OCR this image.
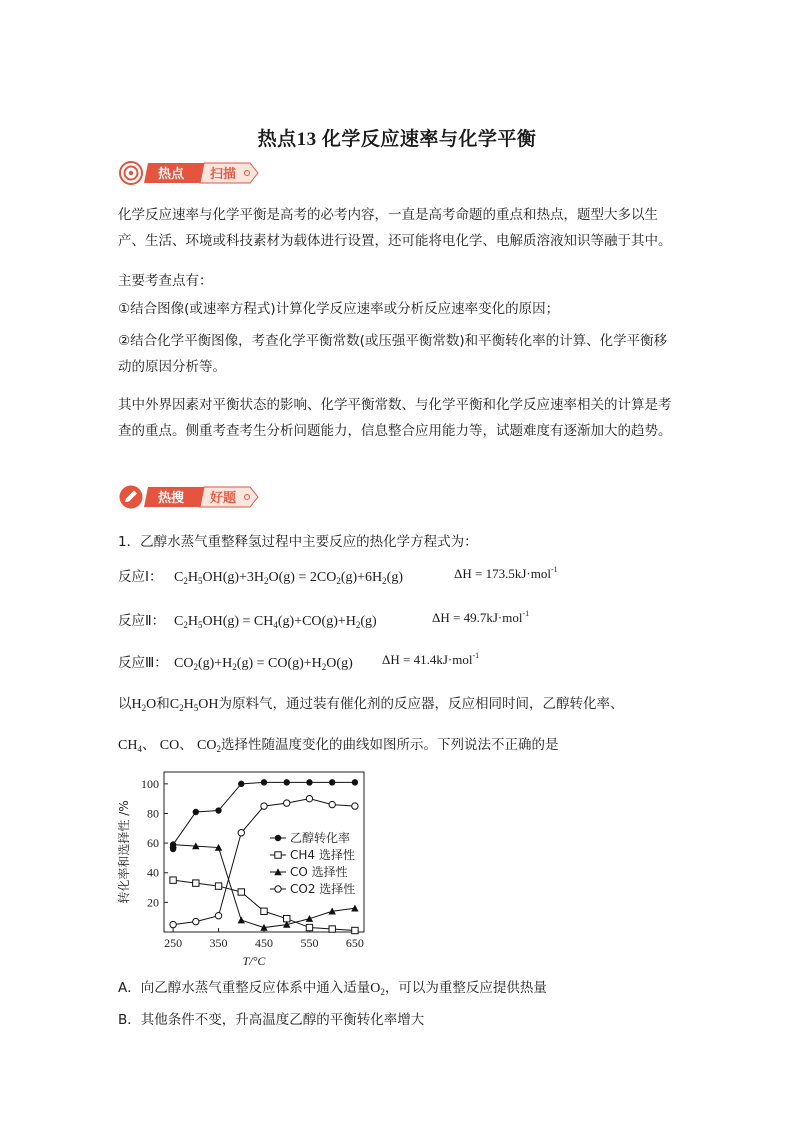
热点13 化学反应速率与化学平衡
热点 扫描
化学反应速率与化学平衡是高考的必考内容，一直是高考命题的重点和热点，题型大多以生产、生活、环境或科技素材为载体进行设置，还可能将电化学、电解质溶液知识等融于其中。
主要考查点有：
①结合图像(或速率方程式)计算化学反应速率或分析反应速率变化的原因；
②结合化学平衡图像，考查化学平衡常数(或压强平衡常数)和平衡转化率的计算、化学平衡移动的原因分析等。
其中外界因素对平衡状态的影响、化学平衡常数、与化学平衡和化学反应速率相关的计算是考查的重点。侧重考查考生分析问题能力，信息整合应用能力等，试题难度有逐渐加大的趋势。
热搜 好题
1．乙醇水蒸气重整释氢过程中主要反应的热化学方程式为：
反应Ⅰ： $C_2H_5OH(g)+3H_2O(g) = 2CO_2(g)+6H_2(g)$	ΔH = 173.5kJ·mol$^{-1}$
反应Ⅱ： $C_2H_5OH(g) = CH_4(g)+CO(g)+H_2(g)$	ΔH = 49.7kJ·mol$^{-1}$
反应Ⅲ： $CO_2(g)+H_2(g) = CO(g)+H_2O(g) \Delta H = 41.4kJ\cdot mol^{-1}$
以$H_2O$和$C_2H_5OH$为原料气，通过装有催化剂的反应器，反应相同时间，乙醇转化率、
$CH_4$、 CO、 $CO_2$选择性随温度变化的曲线如图所示。下列说法不正确的是
20
40
60
80
100
250 350 450 550 650
T/°C
转化率和选择性 /%	乙醇转化率
CH4 选择性
CO 选择性
CO2 选择性
A．向乙醇水蒸气重整反应体系中通入适量$O_2$，可以为重整反应提供热量
B．其他条件不变，升高温度乙醇的平衡转化率增大
